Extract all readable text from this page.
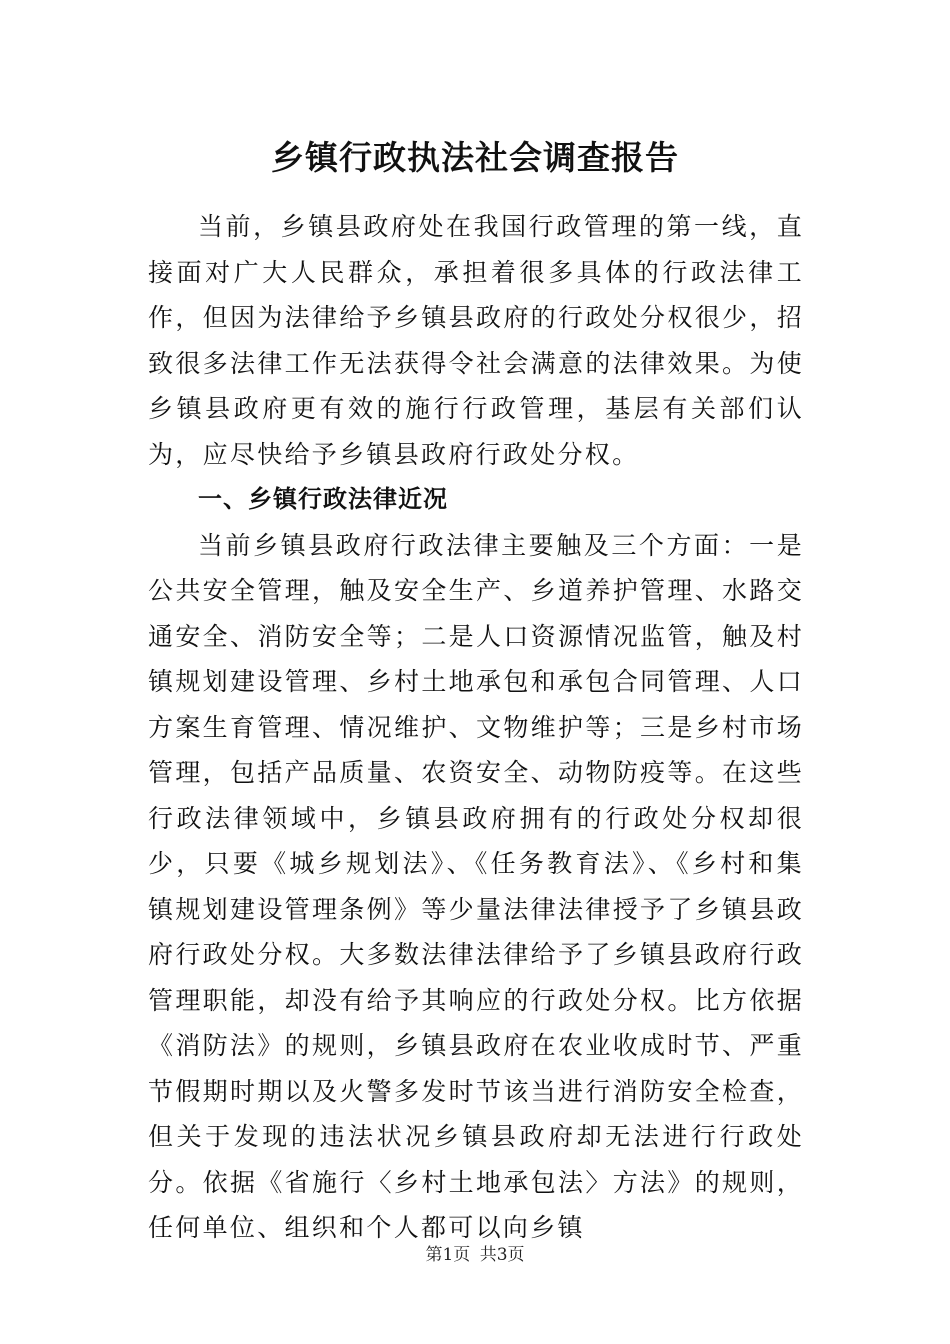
乡镇行政执法社会调查报告

当前，乡镇县政府处在我国行政管理的第一线，直接面对广大人民群众，承担着很多具体的行政法律工作，但因为法律给予乡镇县政府的行政处分权很少，招致很多法律工作无法获得令社会满意的法律效果。为使乡镇县政府更有效的施行行政管理，基层有关部们认为，应尽快给予乡镇县政府行政处分权。

一、乡镇行政法律近况

当前乡镇县政府行政法律主要触及三个方面：一是公共安全管理，触及安全生产、乡道养护管理、水路交通安全、消防安全等；二是人口资源情况监管，触及村镇规划建设管理、乡村土地承包和承包合同管理、人口方案生育管理、情况维护、文物维护等；三是乡村市场管理，包括产品质量、农资安全、动物防疫等。在这些行政法律领域中，乡镇县政府拥有的行政处分权却很少，只要《城乡规划法》、《任务教育法》、《乡村和集镇规划建设管理条例》等少量法律法律授予了乡镇县政府行政处分权。大多数法律法律给予了乡镇县政府行政管理职能，却没有给予其响应的行政处分权。比方依据《消防法》的规则，乡镇县政府在农业收成时节、严重节假期时期以及火警多发时节该当进行消防安全检查，但关于发现的违法状况乡镇县政府却无法进行行政处分。依据《省施行〈乡村土地承包法〉方法》的规则，任何单位、组织和个人都可以向乡镇

第1页 共3页
